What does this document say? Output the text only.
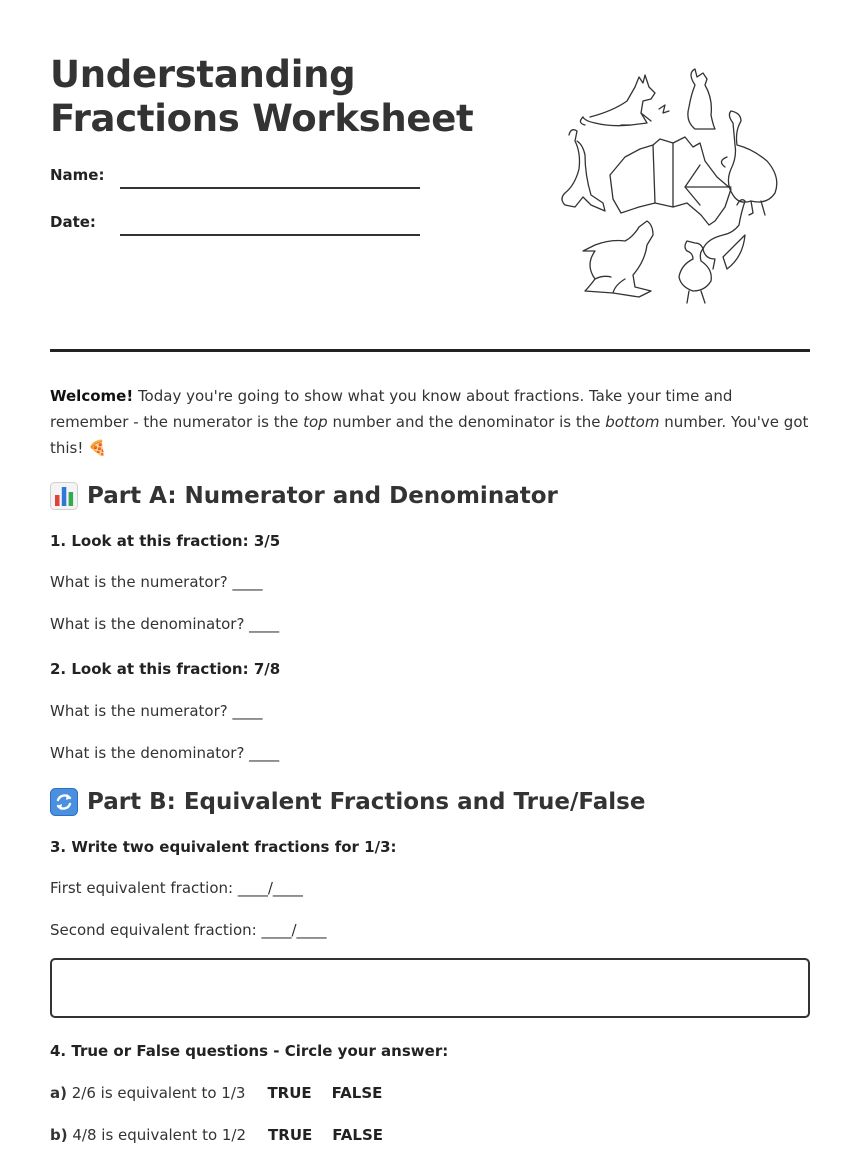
Understanding
Fractions Worksheet
Name:
Date:

Welcome! Today you're going to show what you know about fractions. Take your time and remember - the numerator is the top number and the denominator is the bottom number. You've got this! 🍕

Part A: Numerator and Denominator

1. Look at this fraction: 3/5

What is the numerator? ____

What is the denominator? ____

2. Look at this fraction: 7/8

What is the numerator? ____

What is the denominator? ____

Part B: Equivalent Fractions and True/False

3. Write two equivalent fractions for 1/3:

First equivalent fraction: ____/____

Second equivalent fraction: ____/____

4. True or False questions - Circle your answer:

a) 2/6 is equivalent to 1/3 TRUE FALSE

b) 4/8 is equivalent to 1/2 TRUE FALSE
